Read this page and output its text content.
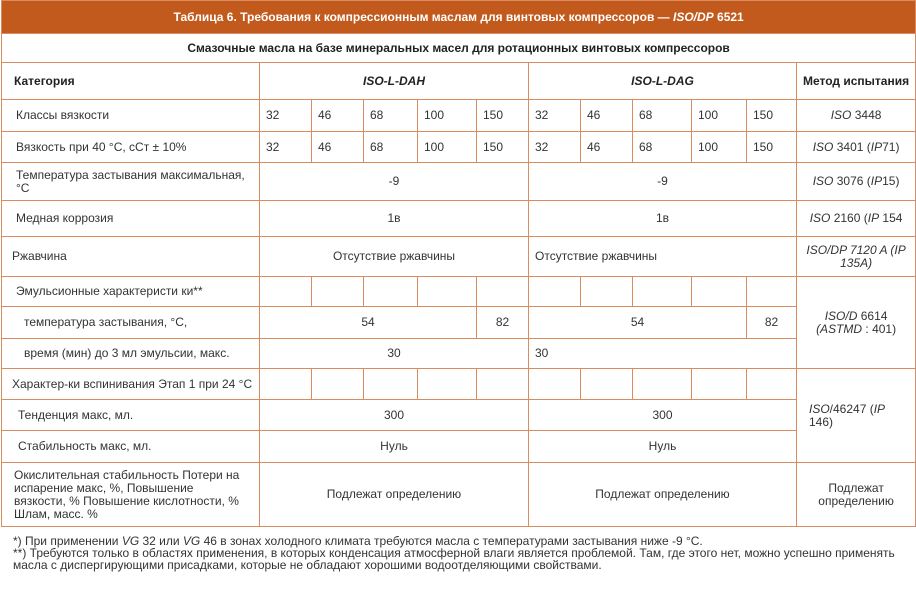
Таблица 6. Требования к компрессионным маслам для винтовых компрессоров — ISO/DP 6521											
Смазочные масла на базе минеральных масел для ротационных винтовых компрессоров											
Категория	ISO-L-DAH					ISO-L-DAG					Метод испытания
Классы вязкости	32	46	68	100	150	32	46	68	100	150	ISO 3448
Вязкость при 40 °С, сСт ± 10%	32	46	68	100	150	32	46	68	100	150	ISO 3401 (IP71)
Температура застывания максимальная, °С	-9					-9					ISO 3076 (IP15)
Медная коррозия	1в					1в					ISO 2160 (IP 154
Ржавчина	Отсутствие ржавчины					Отсутствие ржавчины					ISO/DP 7120 A (IP 135A)
Эмульсионные характеристи ки**											ISO/D 6614
(ASTMD : 401)
температура застывания, °С,	54				82	54				82	
время (мин) до 3 мл эмульсии, макс.	30					30					
Характер-ки вспинивания Этап 1 при 24 °С											ISO/46247 (IP 146)
Тенденция макс, мл.	300					300					
Стабильность макс, мл.	Нуль					Нуль					
Окислительная стабильность Потери на испарение макс, %, Повышение вязкости, % Повышение кислотности, % Шлам, масс. %	Подлежат определению					Подлежат определению					Подлежат определению
*) При применении VG 32 или VG 46 в зонах холодного климата требуются масла с температурами застывания ниже -9 °С.
**) Требуются только в областях применения, в которых конденсация атмосферной влаги является проблемой. Там, где этого нет, можно успешно применять масла с диспергирующими присадками, которые не обладают хорошими водоотделяющими свойствами.
